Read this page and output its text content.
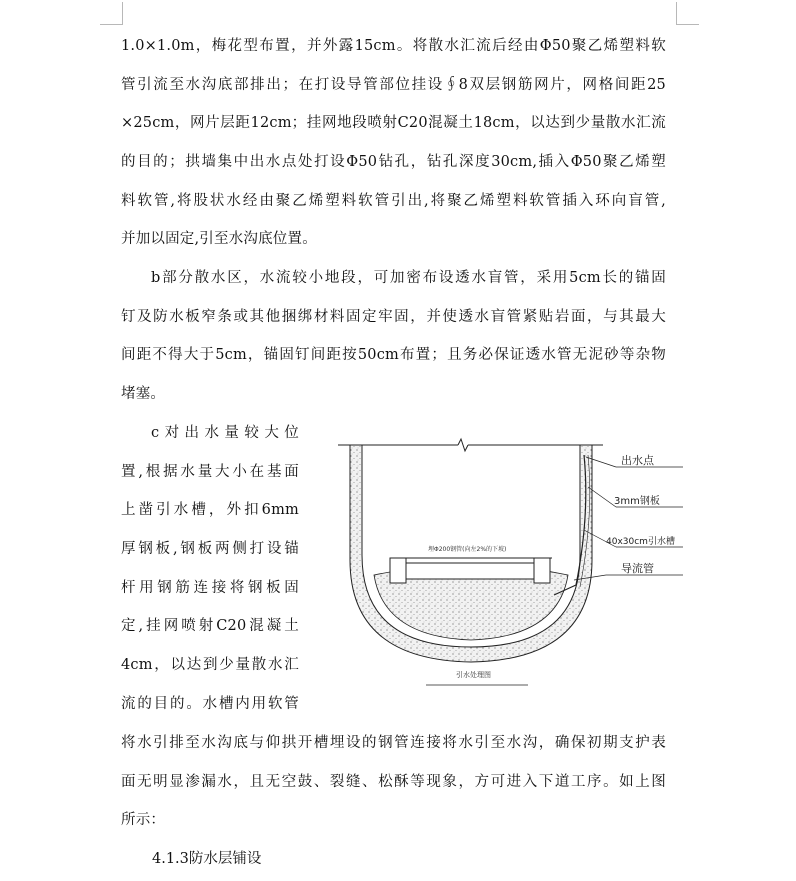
1.0×1.0m，梅花型布置，并外露15cm。将散水汇流后经由Φ50聚乙烯塑料软
管引流至水沟底部排出；在打设导管部位挂设∮8双层钢筋网片，网格间距25
×25cm，网片层距12cm；挂网地段喷射C20混凝土18cm，以达到少量散水汇流
的目的；拱墙集中出水点处打设Φ50钻孔，钻孔深度30cm,插入Φ50聚乙烯塑
料软管,将股状水经由聚乙烯塑料软管引出,将聚乙烯塑料软管插入环向盲管,
并加以固定,引至水沟底位置。
b部分散水区，水流较小地段，可加密布设透水盲管，采用5cm长的锚固
钉及防水板窄条或其他捆绑材料固定牢固，并使透水盲管紧贴岩面，与其最大
间距不得大于5cm，锚固钉间距按50cm布置；且务必保证透水管无泥砂等杂物
堵塞。
c对出水量较大位
置,根据水量大小在基面
上凿引水槽，外扣6mm
厚钢板,钢板两侧打设锚
杆用钢筋连接将钢板固
定,挂网喷射C20混凝土
4cm，以达到少量散水汇
流的目的。水槽内用软管
出水点
3mm钢板
40x30cm引水槽
导流管
埋Φ200钢管(向左2%的下坡)
引水处理图
将水引排至水沟底与仰拱开槽埋设的钢管连接将水引至水沟，确保初期支护表
面无明显渗漏水，且无空鼓、裂缝、松酥等现象，方可进入下道工序。如上图
所示：
4.1.3防水层铺设
